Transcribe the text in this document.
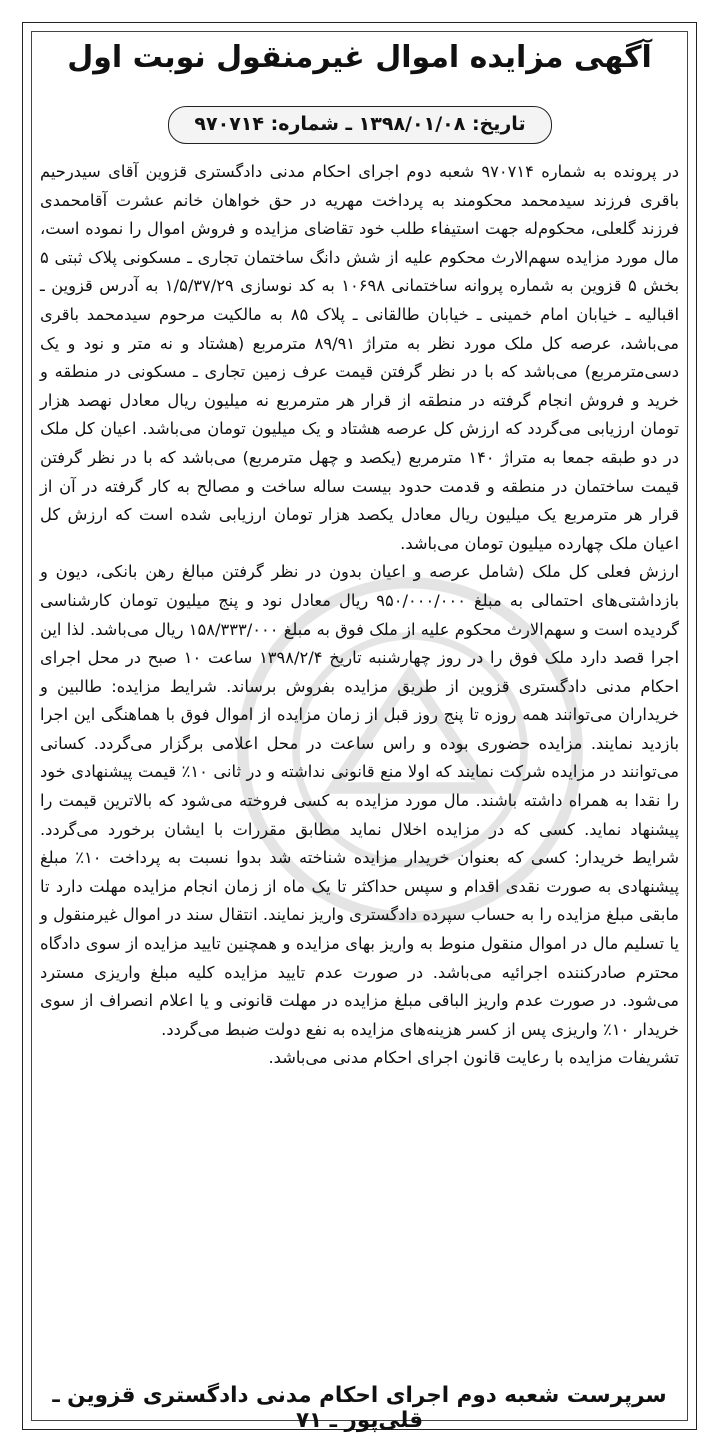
آگهی مزایده اموال غیرمنقول نوبت اول
تاریخ: ۱۳۹۸/۰۱/۰۸ ـ شماره: ۹۷۰۷۱۴

در پرونده به شماره ۹۷۰۷۱۴ شعبه دوم اجرای احکام مدنی دادگستری قزوین آقای سیدرحیم باقری فرزند سیدمحمد محکومند به پرداخت مهریه در حق خواهان خانم عشرت آقامحمدی فرزند گلعلی، محکوم‌له جهت استیفاء طلب خود تقاضای مزایده و فروش اموال را نموده است، مال مورد مزایده سهم‌الارث محکوم علیه از شش دانگ ساختمان تجاری ـ مسکونی پلاک ثبتی ۵ بخش ۵ قزوین به شماره پروانه ساختمانی ۱۰۶۹۸ به کد نوسازی ۱/۵/۳۷/۲۹ به آدرس قزوین ـ اقبالیه ـ خیابان امام خمینی ـ خیابان طالقانی ـ پلاک ۸۵ به مالکیت مرحوم سیدمحمد باقری می‌باشد، عرصه کل ملک مورد نظر به متراژ ۸۹/۹۱ مترمربع (هشتاد و نه متر و نود و یک دسی‌مترمربع) می‌باشد که با در نظر گرفتن قیمت عرف زمین تجاری ـ مسکونی در منطقه و خرید و فروش انجام گرفته در منطقه از قرار هر مترمربع نه میلیون ریال معادل نهصد هزار تومان ارزیابی می‌گردد که ارزش کل عرصه هشتاد و یک میلیون تومان می‌باشد. اعیان کل ملک در دو طبقه جمعا به متراژ ۱۴۰ مترمربع (یکصد و چهل مترمربع) می‌باشد که با در نظر گرفتن قیمت ساختمان در منطقه و قدمت حدود بیست ساله ساخت و مصالح به کار گرفته در آن از قرار هر مترمربع یک میلیون ریال معادل یکصد هزار تومان ارزیابی شده است که ارزش کل اعیان ملک چهارده میلیون تومان می‌باشد.

ارزش فعلی کل ملک (شامل عرصه و اعیان بدون در نظر گرفتن مبالغ رهن بانکی، دیون و بازداشتی‌های احتمالی به مبلغ ۹۵۰/۰۰۰/۰۰۰ ریال معادل نود و پنج میلیون تومان کارشناسی گردیده است و سهم‌الارث محکوم علیه از ملک فوق به مبلغ ۱۵۸/۳۳۳/۰۰۰ ریال می‌باشد. لذا این اجرا قصد دارد ملک فوق را در روز چهارشنبه تاریخ ۱۳۹۸/۲/۴ ساعت ۱۰ صبح در محل اجرای احکام مدنی دادگستری قزوین از طریق مزایده بفروش برساند. شرایط مزایده: طالبین و خریداران می‌توانند همه روزه تا پنج روز قبل از زمان مزایده از اموال فوق با هماهنگی این اجرا بازدید نمایند. مزایده حضوری بوده و راس ساعت در محل اعلامی برگزار می‌گردد. کسانی می‌توانند در مزایده شرکت نمایند که اولا منع قانونی نداشته و در ثانی ۱۰٪ قیمت پیشنهادی خود را نقدا به همراه داشته باشند. مال مورد مزایده به کسی فروخته می‌شود که بالاترین قیمت را پیشنهاد نماید. کسی که در مزایده اخلال نماید مطابق مقررات با ایشان برخورد می‌گردد. شرایط خریدار: کسی که بعنوان خریدار مزایده شناخته شد بدوا نسبت به پرداخت ۱۰٪ مبلغ پیشنهادی به صورت نقدی اقدام و سپس حداکثر تا یک ماه از زمان انجام مزایده مهلت دارد تا مابقی مبلغ مزایده را به حساب سپرده دادگستری واریز نمایند. انتقال سند در اموال غیرمنقول و یا تسلیم مال در اموال منقول منوط به واریز بهای مزایده و همچنین تایید مزایده از سوی دادگاه محترم صادرکننده اجرائیه می‌باشد. در صورت عدم تایید مزایده کلیه مبلغ واریزی مسترد می‌شود. در صورت عدم واریز الباقی مبلغ مزایده در مهلت قانونی و یا اعلام انصراف از سوی خریدار ۱۰٪ واریزی پس از کسر هزینه‌های مزایده به نفع دولت ضبط می‌گردد.

تشریفات مزایده با رعایت قانون اجرای احکام مدنی می‌باشد.

سرپرست شعبه دوم اجرای احکام مدنی دادگستری قزوین ـ قلی‌پور ـ ۷۱
